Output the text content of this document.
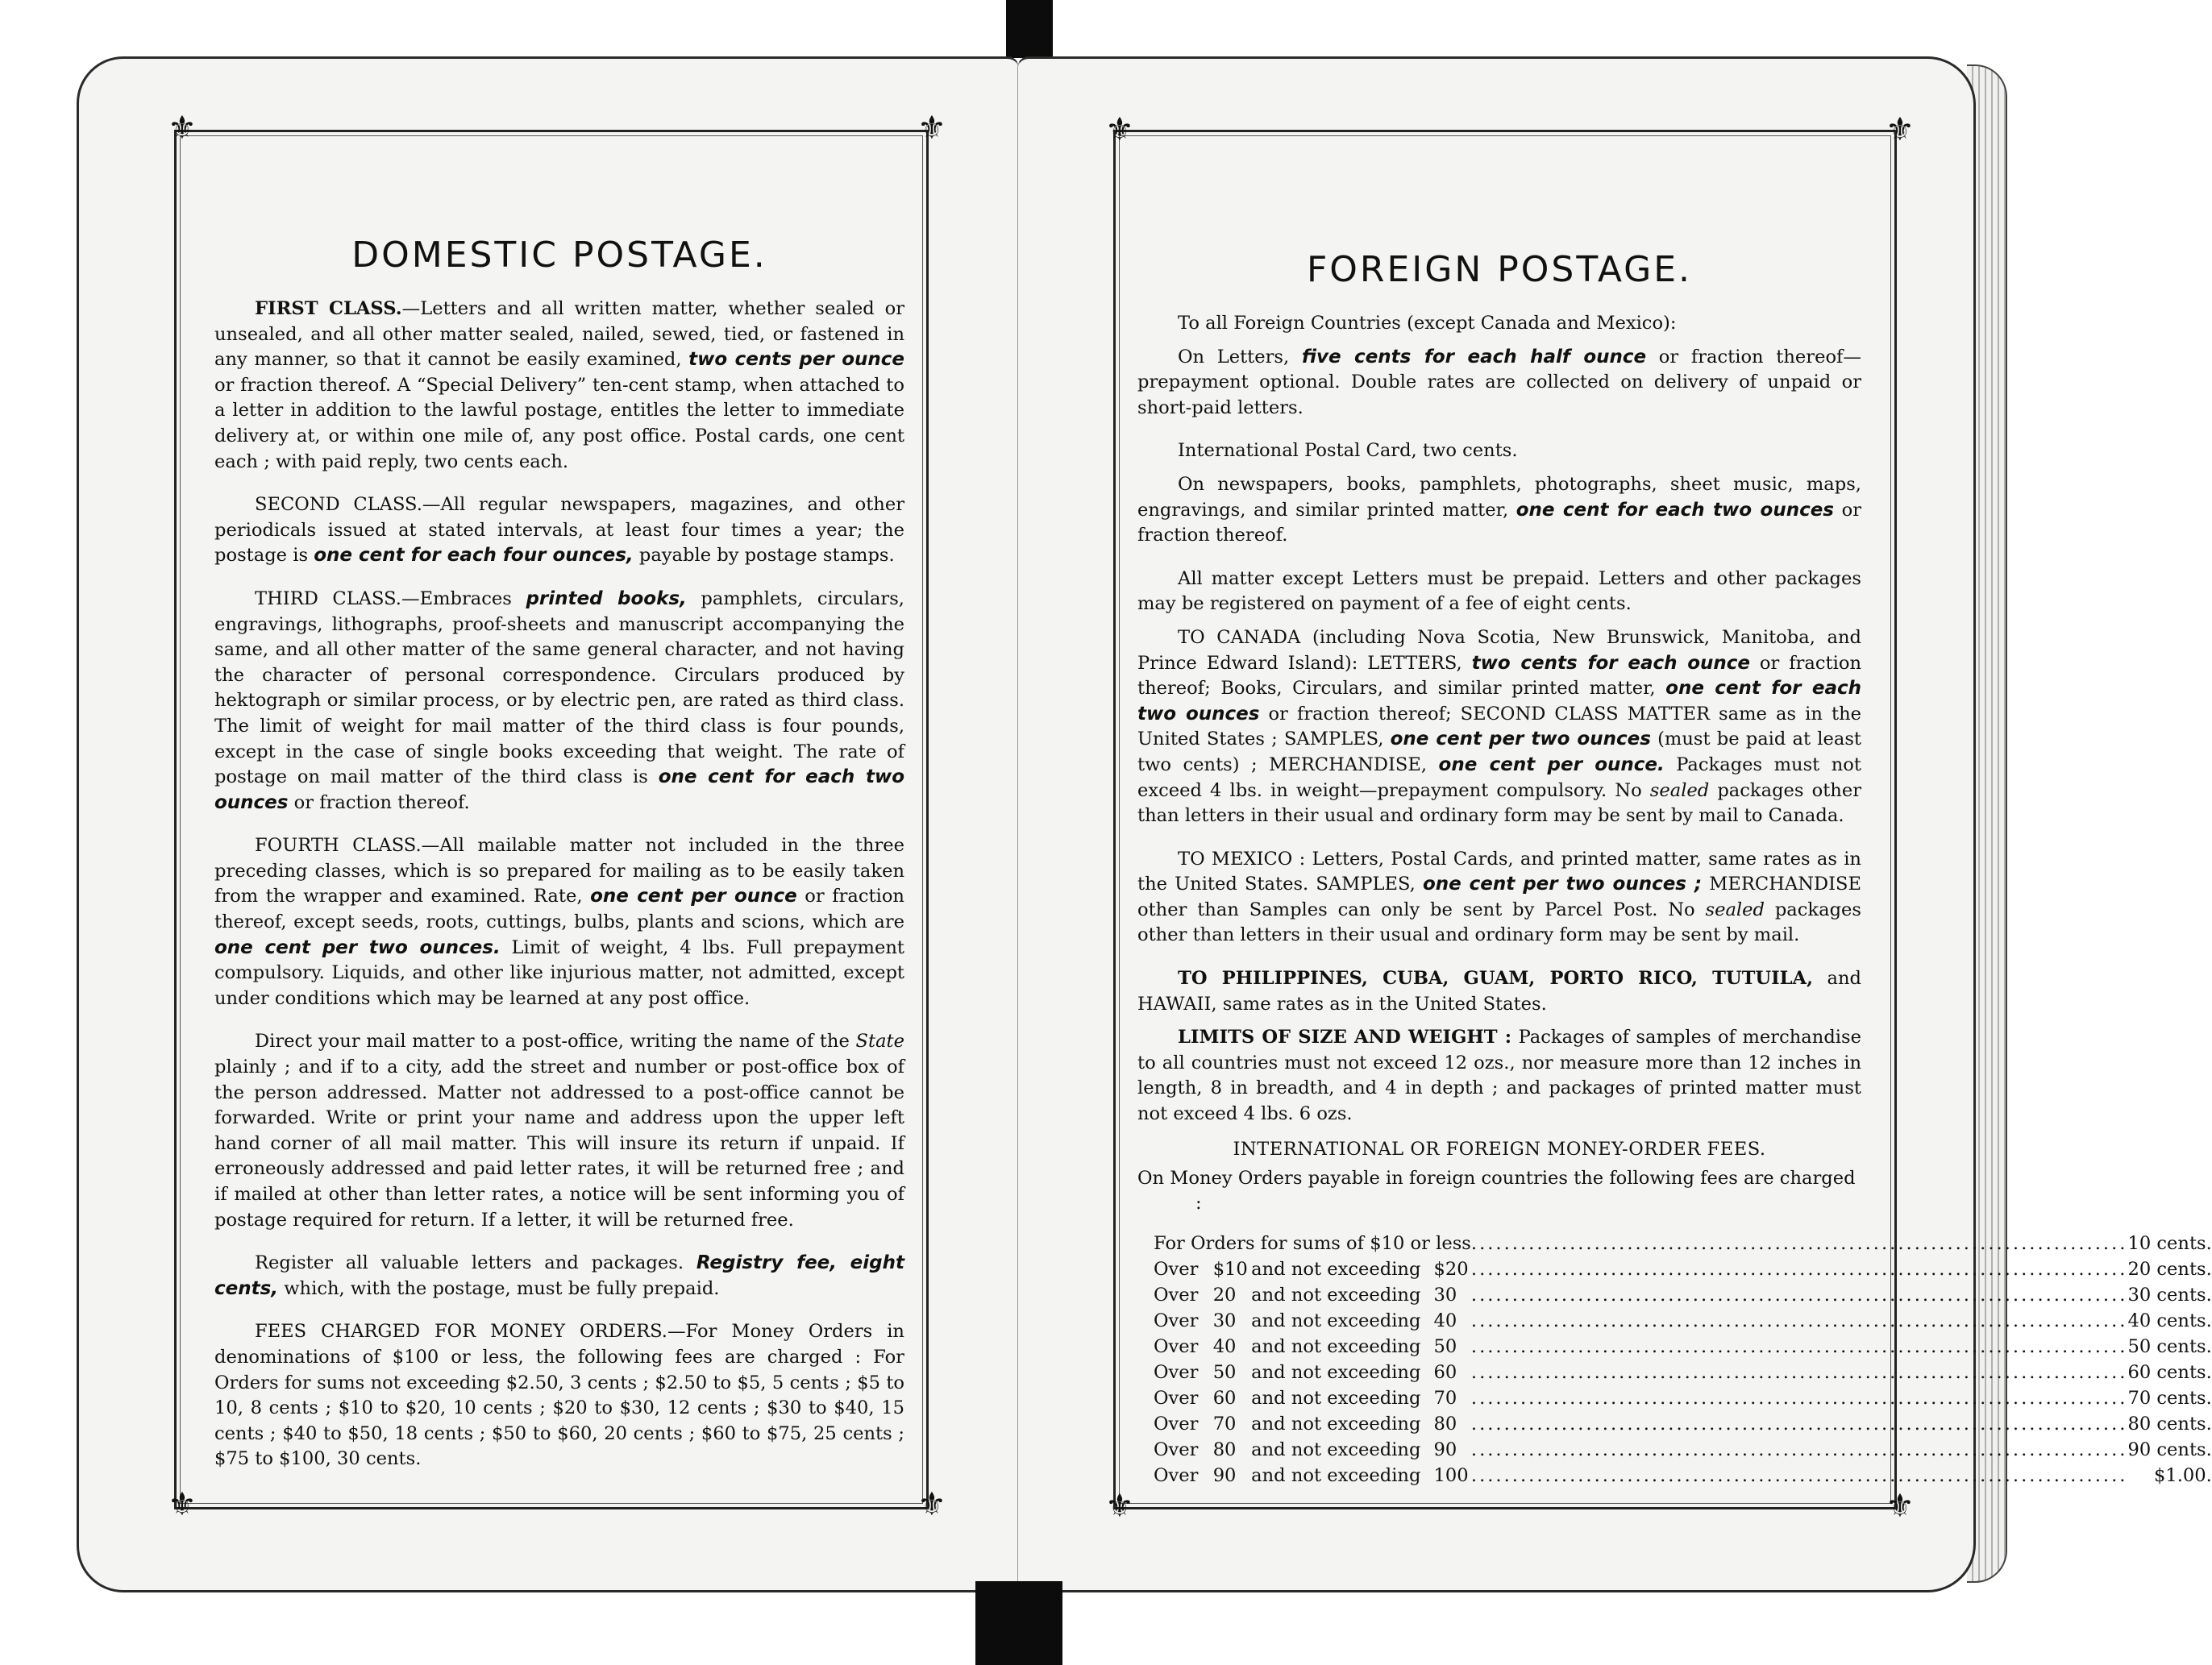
⚜	⚜
⚜	⚜
DOMESTIC POSTAGE.

FIRST CLASS.—Letters and all written matter, whether sealed or unsealed, and all other matter sealed, nailed, sewed, tied, or fastened in any manner, so that it cannot be easily examined, two cents per ounce or fraction thereof. A “Special Delivery” ten-cent stamp, when attached to a letter in addition to the lawful postage, entitles the letter to immediate delivery at, or within one mile of, any post office. Postal cards, one cent each ; with paid reply, two cents each.

SECOND CLASS.—All regular newspapers, magazines, and other periodicals issued at stated intervals, at least four times a year; the postage is one cent for each four ounces, payable by postage stamps.

THIRD CLASS.—Embraces printed books, pamphlets, circulars, engravings, lithographs, proof-sheets and manuscript accompanying the same, and all other matter of the same general character, and not having the character of personal correspondence. Circulars produced by hektograph or similar process, or by electric pen, are rated as third class. The limit of weight for mail matter of the third class is four pounds, except in the case of single books exceeding that weight. The rate of postage on mail matter of the third class is one cent for each two ounces or fraction thereof.

FOURTH CLASS.—All mailable matter not included in the three preceding classes, which is so prepared for mailing as to be easily taken from the wrapper and examined. Rate, one cent per ounce or fraction thereof, except seeds, roots, cuttings, bulbs, plants and scions, which are one cent per two ounces. Limit of weight, 4 lbs. Full prepayment compulsory. Liquids, and other like injurious matter, not admitted, except under conditions which may be learned at any post office.

Direct your mail matter to a post-office, writing the name of the State plainly ; and if to a city, add the street and number or post-office box of the person addressed. Matter not addressed to a post-office cannot be forwarded. Write or print your name and address upon the upper left hand corner of all mail matter. This will insure its return if unpaid. If erroneously addressed and paid letter rates, it will be returned free ; and if mailed at other than letter rates, a notice will be sent informing you of postage required for return. If a letter, it will be returned free.

Register all valuable letters and packages. Registry fee, eight cents, which, with the postage, must be fully prepaid.

FEES CHARGED FOR MONEY ORDERS.—For Money Orders in denominations of $100 or less, the following fees are charged : For Orders for sums not exceeding $2.50, 3 cents ; $2.50 to $5, 5 cents ; $5 to 10, 8 cents ; $10 to $20, 10 cents ; $20 to $30, 12 cents ; $30 to $40, 15 cents ; $40 to $50, 18 cents ; $50 to $60, 20 cents ; $60 to $75, 25 cents ; $75 to $100, 30 cents.

⚜	⚜
⚜	⚜
FOREIGN POSTAGE.

To all Foreign Countries (except Canada and Mexico):

On Letters, five cents for each half ounce or fraction thereof—prepayment optional. Double rates are collected on delivery of unpaid or short-paid letters.

International Postal Card, two cents.

On newspapers, books, pamphlets, photographs, sheet music, maps, engravings, and similar printed matter, one cent for each two ounces or fraction thereof.

All matter except Letters must be prepaid. Letters and other packages may be registered on payment of a fee of eight cents.

TO CANADA (including Nova Scotia, New Brunswick, Manitoba, and Prince Edward Island): LETTERS, two cents for each ounce or fraction thereof; Books, Circulars, and similar printed matter, one cent for each two ounces or fraction thereof; SECOND CLASS MATTER same as in the United States ; SAMPLES, one cent per two ounces (must be paid at least two cents) ; MERCHANDISE, one cent per ounce. Packages must not exceed 4 lbs. in weight—prepayment compulsory. No sealed packages other than letters in their usual and ordinary form may be sent by mail to Canada.

TO MEXICO : Letters, Postal Cards, and printed matter, same rates as in the United States. SAMPLES, one cent per two ounces ; MERCHANDISE other than Samples can only be sent by Parcel Post. No sealed packages other than letters in their usual and ordinary form may be sent by mail.

TO PHILIPPINES, CUBA, GUAM, PORTO RICO, TUTUILA, and HAWAII, same rates as in the United States.

LIMITS OF SIZE AND WEIGHT : Packages of samples of merchandise to all countries must not exceed 12 ozs., nor measure more than 12 inches in length, 8 in breadth, and 4 in depth ; and packages of printed matter must not exceed 4 lbs. 6 ozs.

INTERNATIONAL OR FOREIGN MONEY-ORDER FEES.
On Money Orders payable in foreign countries the following fees are charged :
For Orders for sums of $10 or less				................................................................................	10 cents.
Over	$10	and not exceeding	$20	................................................................................	20 cents.
Over	20	and not exceeding	30	................................................................................	30 cents.
Over	30	and not exceeding	40	................................................................................	40 cents.
Over	40	and not exceeding	50	................................................................................	50 cents.
Over	50	and not exceeding	60	................................................................................	60 cents.
Over	60	and not exceeding	70	................................................................................	70 cents.
Over	70	and not exceeding	80	................................................................................	80 cents.
Over	80	and not exceeding	90	................................................................................	90 cents.
Over	90	and not exceeding	100	................................................................................	$1.00.
